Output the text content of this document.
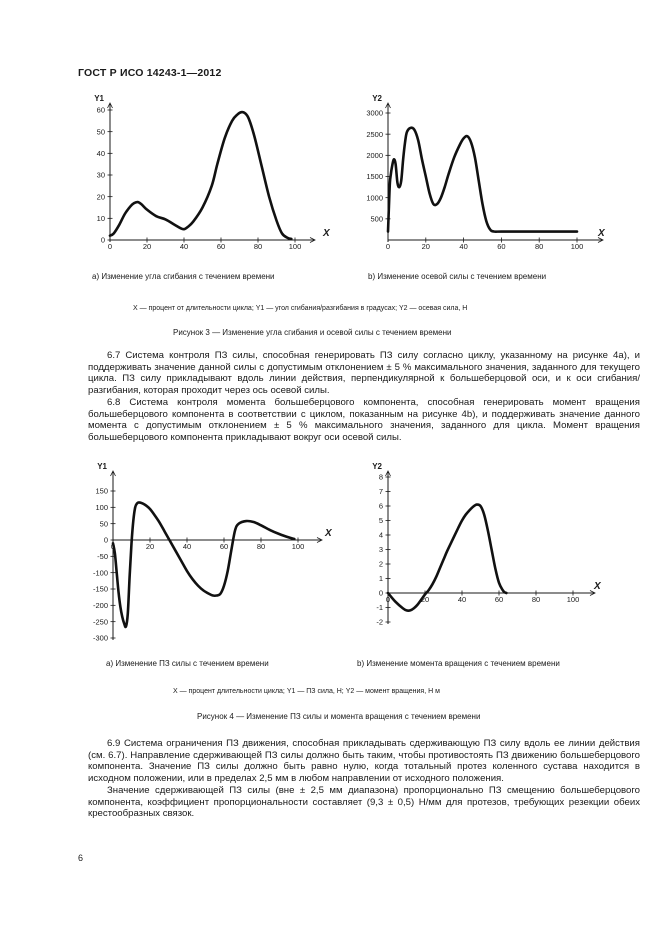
ГОСТ Р ИСО 14243-1—2012
Y1
X
0	20	40	60	80	100
0
10
20
30
40
50
60
Y2
X
0	20	40	60	80	100
500
1000
1500
2000
2500
3000
a) Изменение угла сгибания с течением времени	b) Изменение осевой силы с течением времени
X — процент от длительности цикла; Y1 — угол сгибания/разгибания в градусах; Y2 — осевая сила, Н
Рисунок 3 — Изменение угла сгибания и осевой силы с течением времени

6.7 Система контроля ПЗ силы, способная генерировать ПЗ силу согласно циклу, указанному на рисунке 4a), и поддерживать значение данной силы с допустимым отклонением ± 5 % максимального значения, заданного для текущего цикла. ПЗ силу прикладывают вдоль линии действия, перпендикулярной к большеберцовой оси, и к оси сгибания/разгибания, которая проходит через ось осевой силы.

6.8 Система контроля момента большеберцового компонента, способная генерировать момент вращения большеберцового компонента в соответствии с циклом, показанным на рисунке 4b), и поддерживать значение данного момента с допустимым отклонением ± 5 % максимального значения, заданного для цикла. Момент вращения большеберцового компонента прикладывают вокруг оси осевой силы.

Y1
X
0	20	40	60	80	100
-300
-250
-200
-150
-100
-50
0
50
100
150
Y2
X
0	20	40	60	80	100
-2
-1
0
1
2
3
4
5
6
7
8
a) Изменение ПЗ силы с течением времени	b) Изменение момента вращения с течением времени
X — процент длительности цикла; Y1 — ПЗ сила, Н; Y2 — момент вращения, Н м
Рисунок 4 — Изменение ПЗ силы и момента вращения с течением времени

6.9 Система ограничения ПЗ движения, способная прикладывать сдерживающую ПЗ силу вдоль ее линии действия (см. 6.7). Направление сдерживающей ПЗ силы должно быть таким, чтобы противостоять ПЗ движению большеберцового компонента. Значение ПЗ силы должно быть равно нулю, когда тотальный протез коленного сустава находится в исходном положении, или в пределах 2,5 мм в любом направлении от исходного положения.

Значение сдерживающей ПЗ силы (вне ± 2,5 мм диапазона) пропорционально ПЗ смещению большеберцового компонента, коэффициент пропорциональности составляет (9,3 ± 0,5) Н/мм для протезов, требующих резекции обеих крестообразных связок.

6
